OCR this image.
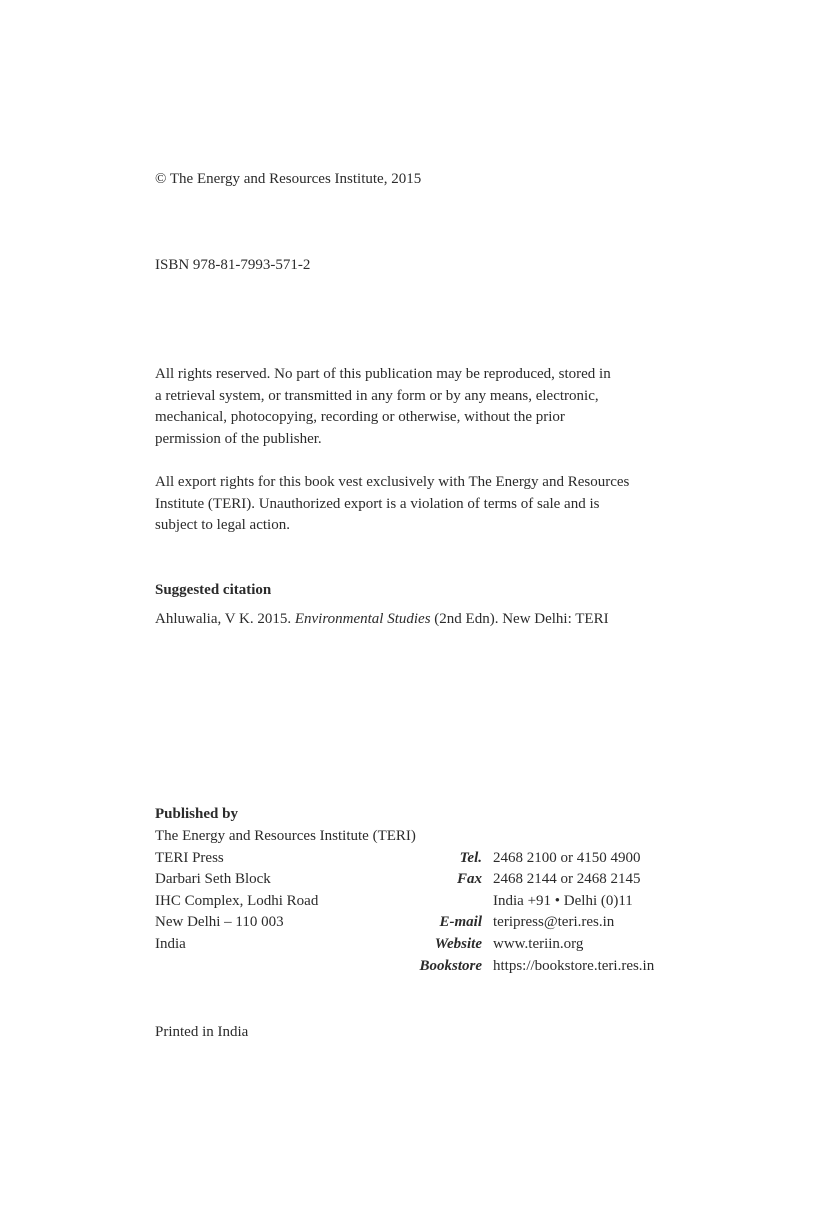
© The Energy and Resources Institute, 2015

ISBN 978-81-7993-571-2

All rights reserved. No part of this publication may be reproduced, stored in

a retrieval system, or transmitted in any form or by any means, electronic,

mechanical, photocopying, recording or otherwise, without the prior

permission of the publisher.

All export rights for this book vest exclusively with The Energy and Resources

Institute (TERI). Unauthorized export is a violation of terms of sale and is

subject to legal action.

Suggested citation

Ahluwalia, V K. 2015. Environmental Studies (2nd Edn). New Delhi: TERI

Published by

The Energy and Resources Institute (TERI)
TERI Press	Tel. 2468 2100 or 4150 4900
Darbari Seth Block	Fax 2468 2144 or 2468 2145
IHC Complex, Lodhi Road	India +91 • Delhi (0)11
New Delhi – 110 003	E-mail teripress@teri.res.in
India	Website www.teriin.org
Bookstore https://bookstore.teri.res.in

Printed in India
